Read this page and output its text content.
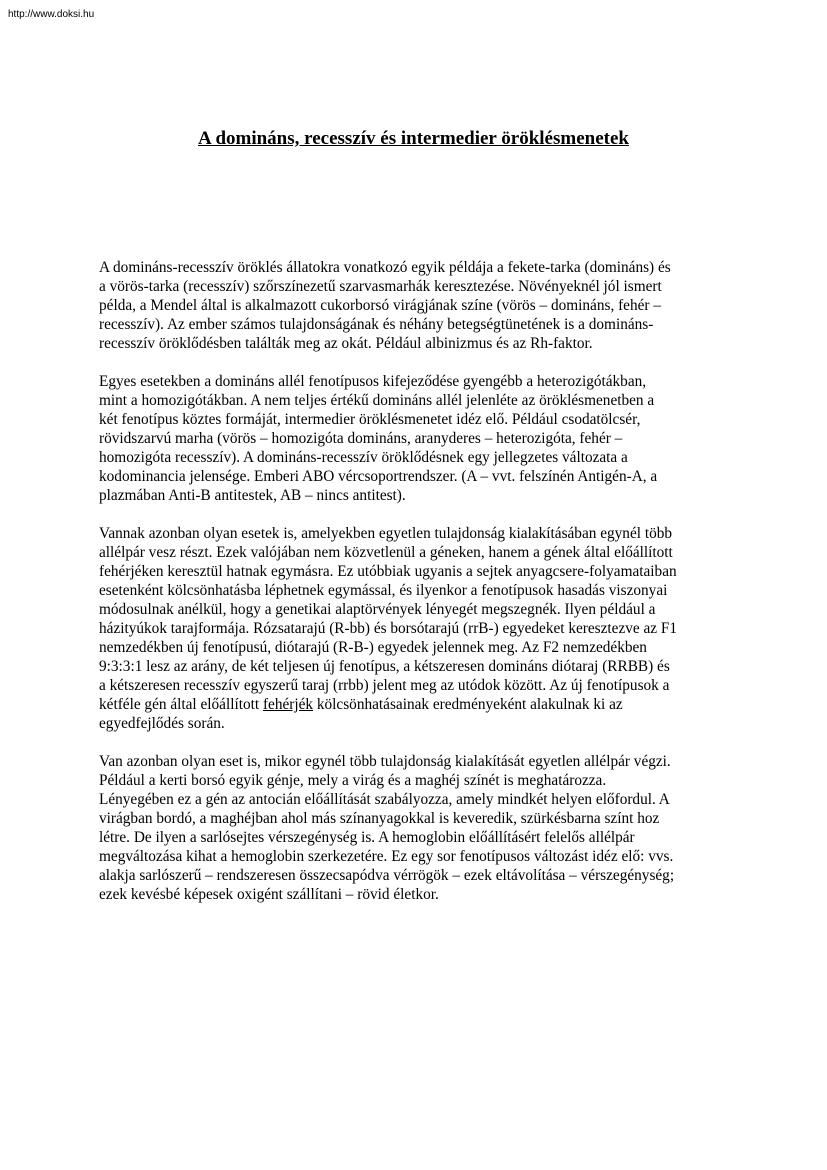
http://www.doksi.hu
A domináns, recesszív és intermedier öröklésmenetek

A domináns-recesszív öröklés állatokra vonatkozó egyik példája a fekete-tarka (domináns) és
a vörös-tarka (recesszív) szőrszínezetű szarvasmarhák keresztezése. Növényeknél jól ismert
példa, a Mendel által is alkalmazott cukorborsó virágjának színe (vörös – domináns, fehér –
recesszív). Az ember számos tulajdonságának és néhány betegségtünetének is a domináns-
recesszív öröklődésben találták meg az okát. Például albinizmus és az Rh-faktor.

Egyes esetekben a domináns allél fenotípusos kifejeződése gyengébb a heterozigótákban,
mint a homozigótákban. A nem teljes értékű domináns allél jelenléte az öröklésmenetben a
két fenotípus köztes formáját, intermedier öröklésmenetet idéz elő. Például csodatölcsér,
rövidszarvú marha (vörös – homozigóta domináns, aranyderes – heterozigóta, fehér –
homozigóta recesszív). A domináns-recesszív öröklődésnek egy jellegzetes változata a
kodominancia jelensége. Emberi ABO vércsoportrendszer. (A – vvt. felszínén Antigén-A, a
plazmában Anti-B antitestek, AB – nincs antitest).

Vannak azonban olyan esetek is, amelyekben egyetlen tulajdonság kialakításában egynél több
allélpár vesz részt. Ezek valójában nem közvetlenül a géneken, hanem a gének által előállított
fehérjéken keresztül hatnak egymásra. Ez utóbbiak ugyanis a sejtek anyagcsere-folyamataiban
esetenként kölcsönhatásba léphetnek egymással, és ilyenkor a fenotípusok hasadás viszonyai
módosulnak anélkül, hogy a genetikai alaptörvények lényegét megszegnék. Ilyen például a
házityúkok tarajformája. Rózsatarajú (R-bb) és borsótarajú (rrB-) egyedeket keresztezve az F1
nemzedékben új fenotípusú, diótarajú (R-B-) egyedek jelennek meg. Az F2 nemzedékben
9:3:3:1 lesz az arány, de két teljesen új fenotípus, a kétszeresen domináns diótaraj (RRBB) és
a kétszeresen recesszív egyszerű taraj (rrbb) jelent meg az utódok között. Az új fenotípusok a
kétféle gén által előállított fehérjék kölcsönhatásainak eredményeként alakulnak ki az
egyedfejlődés során.

Van azonban olyan eset is, mikor egynél több tulajdonság kialakítását egyetlen allélpár végzi.
Például a kerti borsó egyik génje, mely a virág és a maghéj színét is meghatározza.
Lényegében ez a gén az antocián előállítását szabályozza, amely mindkét helyen előfordul. A
virágban bordó, a maghéjban ahol más színanyagokkal is keveredik, szürkésbarna színt hoz
létre. De ilyen a sarlósejtes vérszegénység is. A hemoglobin előállításért felelős allélpár
megváltozása kihat a hemoglobin szerkezetére. Ez egy sor fenotípusos változást idéz elő: vvs.
alakja sarlószerű – rendszeresen összecsapódva vérrögök – ezek eltávolítása – vérszegénység;
ezek kevésbé képesek oxigént szállítani – rövid életkor.
